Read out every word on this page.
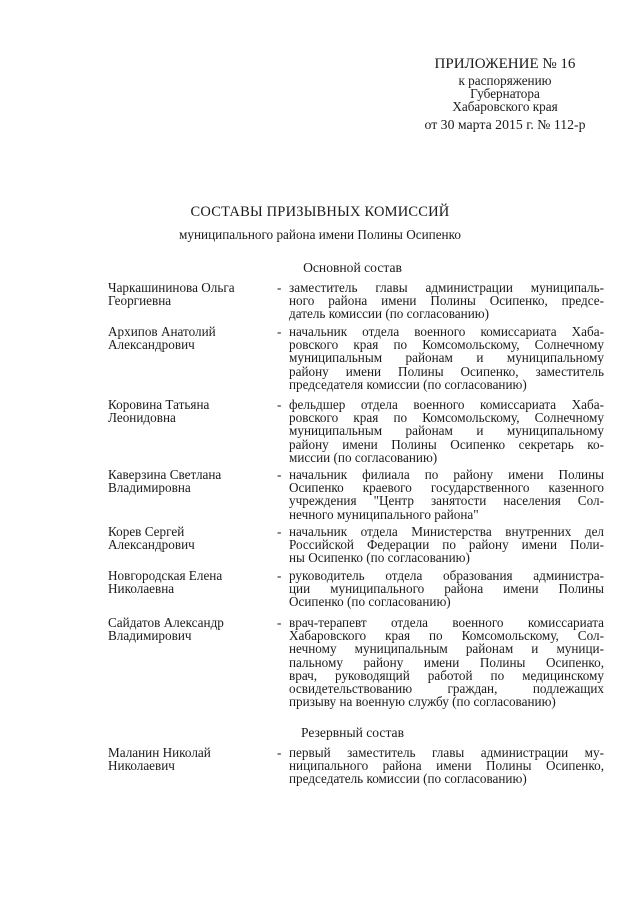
ПРИЛОЖЕНИЕ № 16
к распоряжению
Губернатора
Хабаровского края
от 30 марта 2015 г. № 112-р
СОСТАВЫ ПРИЗЫВНЫХ КОМИССИЙ
муниципального района имени Полины Осипенко
Основной состав
Чаркашининова Ольга
Георгиевна
- заместитель главы администрации муниципаль-
ного района имени Полины Осипенко, предсе-
датель комиссии (по согласованию)
Архипов Анатолий
Александрович
- начальник отдела военного комиссариата Хаба-
ровского края по Комсомольскому, Солнечному
муниципальным районам и муниципальному
району имени Полины Осипенко, заместитель
председателя комиссии (по согласованию)
Коровина Татьяна
Леонидовна
- фельдшер отдела военного комиссариата Хаба-
ровского края по Комсомольскому, Солнечному
муниципальным районам и муниципальному
району имени Полины Осипенко секретарь ко-
миссии (по согласованию)
Каверзина Светлана
Владимировна
- начальник филиала по району имени Полины
Осипенко краевого государственного казенного
учреждения "Центр занятости населения Сол-
нечного муниципального района"
Корев Сергей
Александрович
- начальник отдела Министерства внутренних дел
Российской Федерации по району имени Поли-
ны Осипенко (по согласованию)
Новгородская Елена
Николаевна
- руководитель отдела образования администра-
ции муниципального района имени Полины
Осипенко (по согласованию)
Сайдатов Александр
Владимирович
- врач-терапевт отдела военного комиссариата
Хабаровского края по Комсомольскому, Сол-
нечному муниципальным районам и муници-
пальному району имени Полины Осипенко,
врач, руководящий работой по медицинскому
освидетельствованию граждан, подлежащих
призыву на военную службу (по согласованию)
Резервный состав
Маланин Николай
Николаевич
- первый заместитель главы администрации му-
ниципального района имени Полины Осипенко,
председатель комиссии (по согласованию)
